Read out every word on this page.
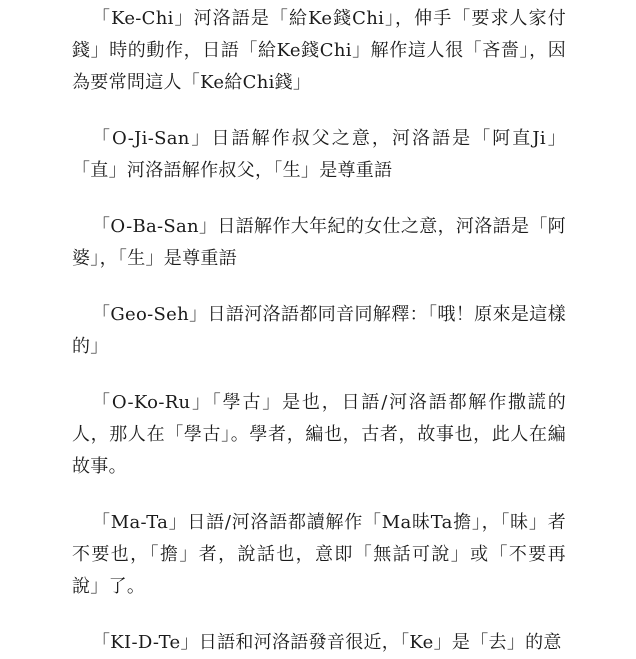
「Ke-Chi」河洛語是「給Ke錢Chi」，伸手「要求人家付錢」時的動作，日語「給Ke錢Chi」解作這人很「吝嗇」，因為要常問這人「Ke給Chi錢」

「O-Ji-San」日語解作叔父之意，河洛語是「阿直Ji」「直」河洛語解作叔父，「生」是尊重語

「O-Ba-San」日語解作大年紀的女仕之意，河洛語是「阿婆」，「生」是尊重語

「Geo-Seh」日語河洛語都同音同解釋：「哦！原來是這樣的」

「O-Ko-Ru」「學古」是也，日語/河洛語都解作撒謊的人，那人在「學古」。學者，編也，古者，故事也，此人在編故事。

「Ma-Ta」日語/河洛語都讀解作「Ma昧Ta擔」，「昧」者不要也，「擔」者，說話也，意即「無話可說」或「不要再說」了。

「KI-D-Te」日語和河洛語發音很近，「Ke」是「去」的意
